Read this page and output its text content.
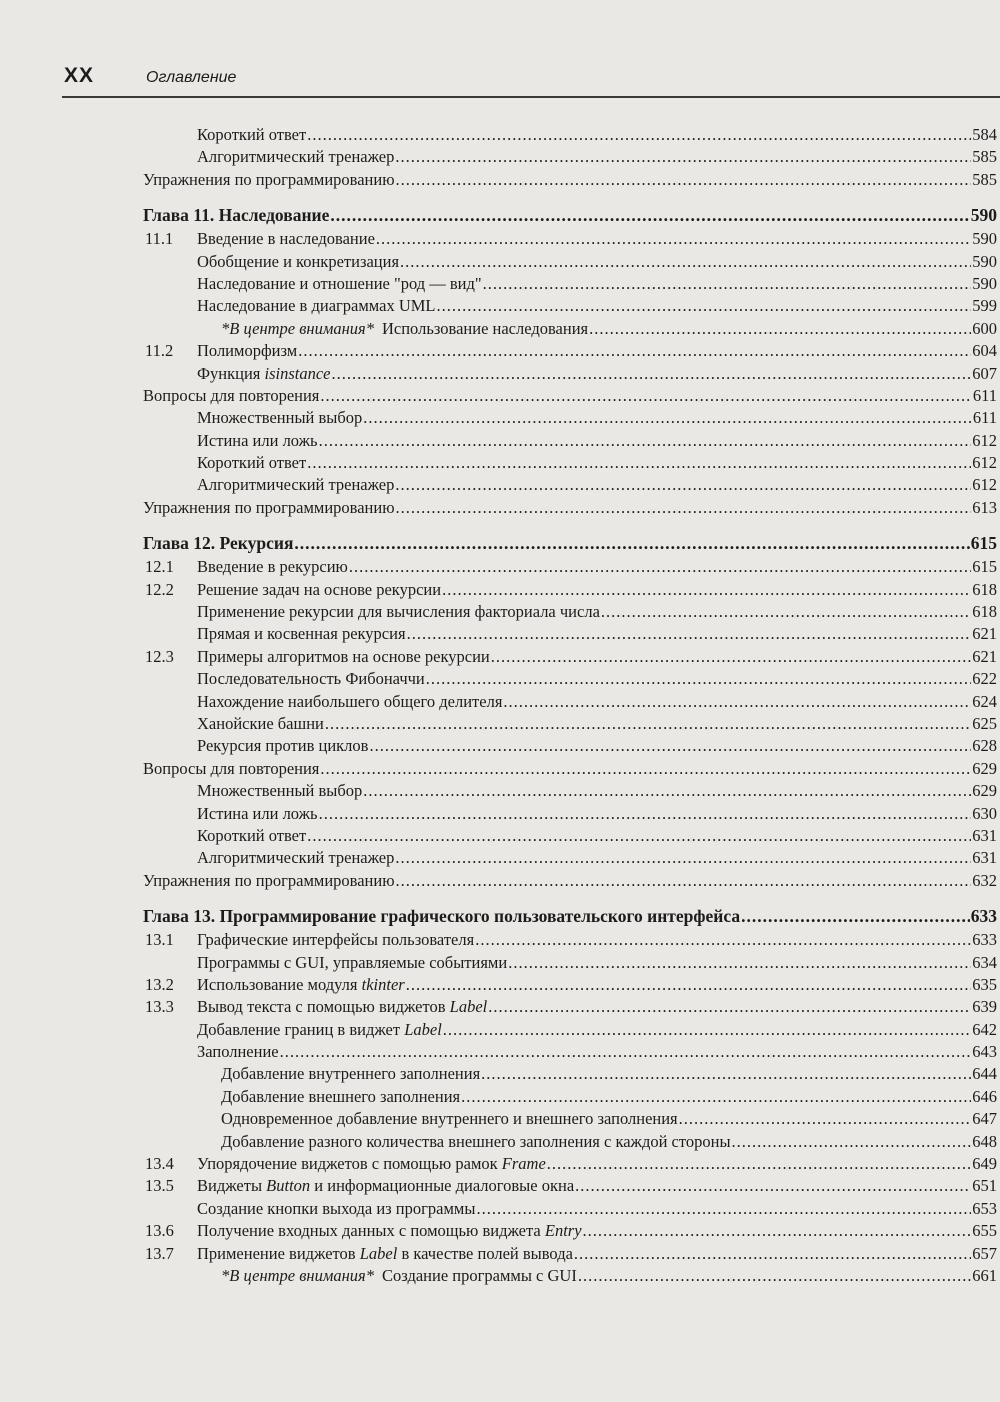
XX	Оглавление
Короткий ответ .....	584
Алгоритмический тренажер .....	585
Упражнения по программированию .....	585
Глава 11. Наследование .....	590
11.1 Введение в наследование .....	590
Обобщение и конкретизация .....	590
Наследование и отношение "род — вид" .....	590
Наследование в диаграммах UML .....	599
*В центре внимания* Использование наследования .....	600
11.2 Полиморфизм .....	604
Функция isinstance .....	607
Вопросы для повторения .....	611
Множественный выбор .....	611
Истина или ложь .....	612
Короткий ответ .....	612
Алгоритмический тренажер .....	612
Упражнения по программированию .....	613
Глава 12. Рекурсия .....	615
12.1 Введение в рекурсию .....	615
12.2 Решение задач на основе рекурсии .....	618
Применение рекурсии для вычисления факториала числа .....	618
Прямая и косвенная рекурсия .....	621
12.3 Примеры алгоритмов на основе рекурсии .....	621
Последовательность Фибоначчи .....	622
Нахождение наибольшего общего делителя .....	624
Ханойские башни .....	625
Рекурсия против циклов .....	628
Вопросы для повторения .....	629
Множественный выбор .....	629
Истина или ложь .....	630
Короткий ответ .....	631
Алгоритмический тренажер .....	631
Упражнения по программированию .....	632
Глава 13. Программирование графического пользовательского интерфейса .....	633
13.1 Графические интерфейсы пользователя .....	633
Программы с GUI, управляемые событиями .....	634
13.2 Использование модуля tkinter .....	635
13.3 Вывод текста с помощью виджетов Label .....	639
Добавление границ в виджет Label .....	642
Заполнение .....	643
Добавление внутреннего заполнения .....	644
Добавление внешнего заполнения .....	646
Одновременное добавление внутреннего и внешнего заполнения .....	647
Добавление разного количества внешнего заполнения с каждой стороны .....	648
13.4 Упорядочение виджетов с помощью рамок Frame .....	649
13.5 Виджеты Button и информационные диалоговые окна .....	651
Создание кнопки выхода из программы .....	653
13.6 Получение входных данных с помощью виджета Entry .....	655
13.7 Применение виджетов Label в качестве полей вывода .....	657
*В центре внимания* Создание программы с GUI .....	661
